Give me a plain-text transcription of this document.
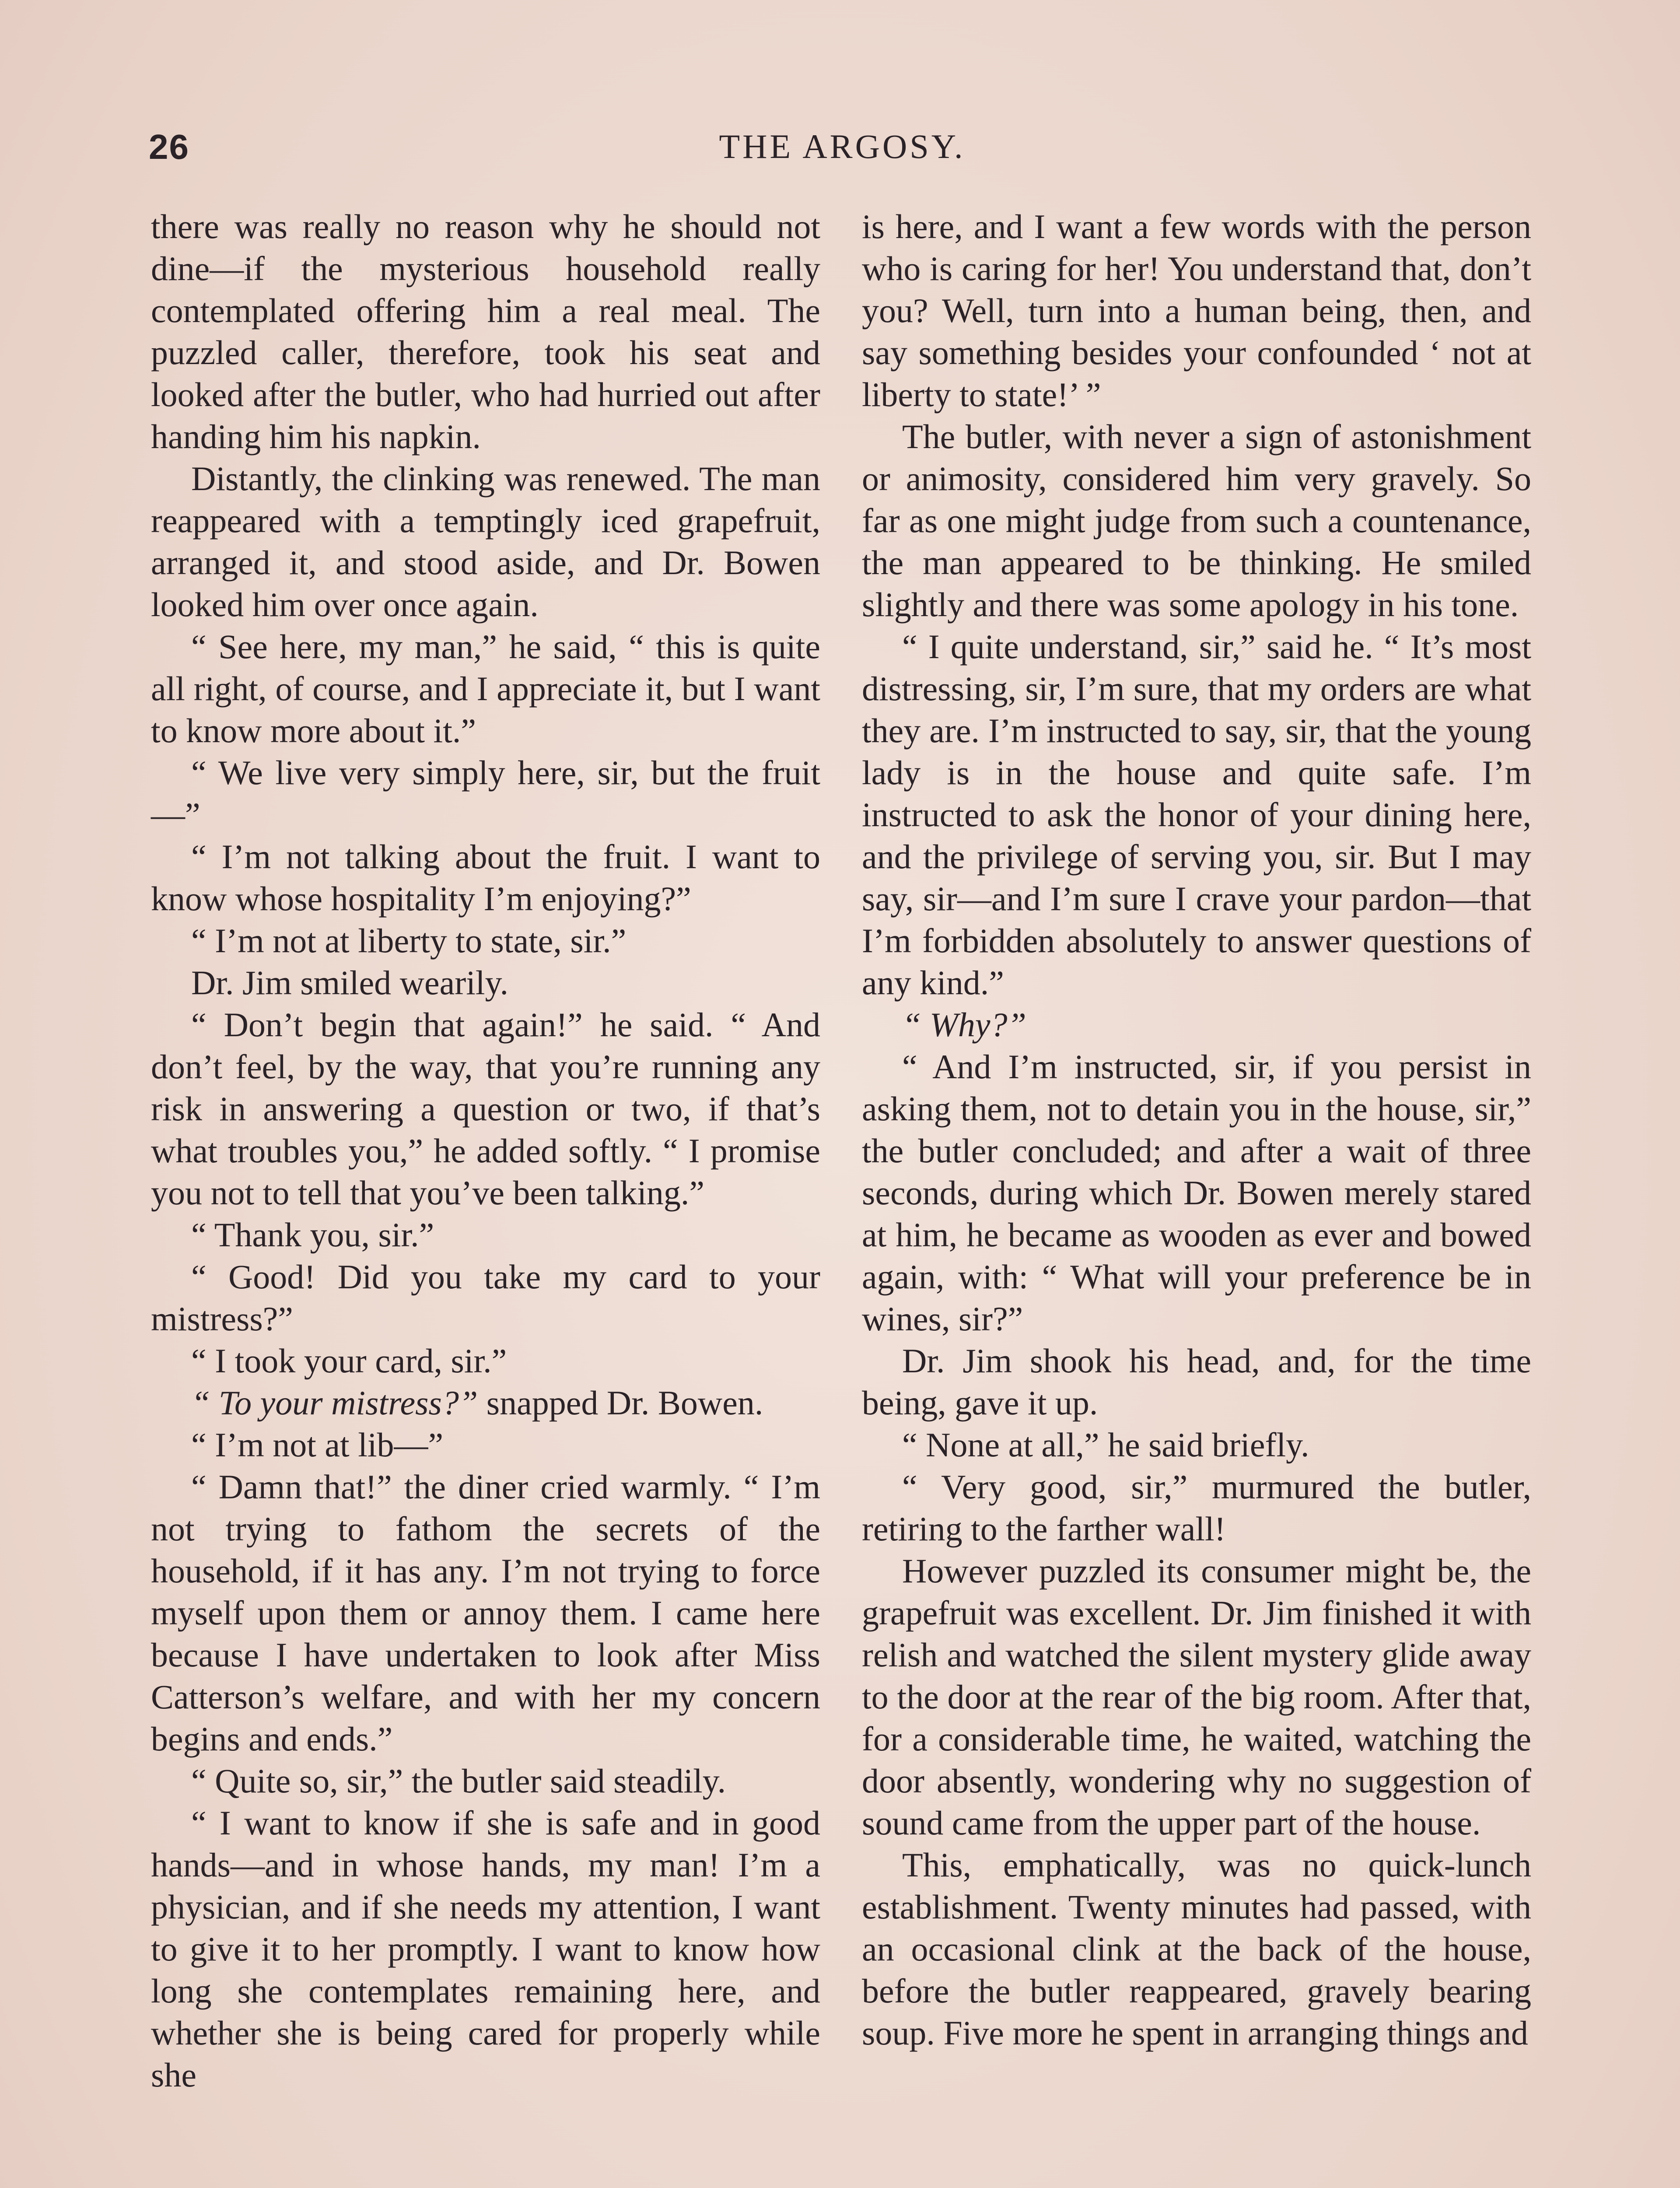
26	THE ARGOSY.

there was really no reason why he should not dine—if the mysterious household really contemplated offering him a real meal. The puzzled caller, therefore, took his seat and looked after the butler, who had hurried out after handing him his napkin.

Distantly, the clinking was renewed. The man reappeared with a temptingly iced grapefruit, arranged it, and stood aside, and Dr. Bowen looked him over once again.

“ See here, my man,” he said, “ this is quite all right, of course, and I appreciate it, but I want to know more about it.”

“ We live very simply here, sir, but the fruit—”

“ I’m not talking about the fruit. I want to know whose hospitality I’m enjoying?”

“ I’m not at liberty to state, sir.”

Dr. Jim smiled wearily.

“ Don’t begin that again!” he said. “ And don’t feel, by the way, that you’re running any risk in answering a question or two, if that’s what troubles you,” he added softly. “ I promise you not to tell that you’ve been talking.”

“ Thank you, sir.”

“ Good! Did you take my card to your mistress?”

“ I took your card, sir.”

“ To your mistress?” snapped Dr. Bowen.

“ I’m not at lib—”

“ Damn that!” the diner cried warmly. “ I’m not trying to fathom the secrets of the household, if it has any. I’m not trying to force myself upon them or annoy them. I came here because I have undertaken to look after Miss Catterson’s welfare, and with her my concern begins and ends.”

“ Quite so, sir,” the butler said steadily.

“ I want to know if she is safe and in good hands—and in whose hands, my man! I’m a physician, and if she needs my attention, I want to give it to her promptly. I want to know how long she contemplates remaining here, and whether she is being cared for properly while she

is here, and I want a few words with the person who is caring for her! You understand that, don’t you? Well, turn into a human being, then, and say something besides your confounded ‘ not at liberty to state!’ ”

The butler, with never a sign of astonishment or animosity, considered him very gravely. So far as one might judge from such a countenance, the man appeared to be thinking. He smiled slightly and there was some apology in his tone.

“ I quite understand, sir,” said he. “ It’s most distressing, sir, I’m sure, that my orders are what they are. I’m instructed to say, sir, that the young lady is in the house and quite safe. I’m instructed to ask the honor of your dining here, and the privilege of serving you, sir. But I may say, sir—and I’m sure I crave your pardon—that I’m forbidden absolutely to answer questions of any kind.”

“ Why?”

“ And I’m instructed, sir, if you persist in asking them, not to detain you in the house, sir,” the butler concluded; and after a wait of three seconds, during which Dr. Bowen merely stared at him, he became as wooden as ever and bowed again, with: “ What will your preference be in wines, sir?”

Dr. Jim shook his head, and, for the time being, gave it up.

“ None at all,” he said briefly.

“ Very good, sir,” murmured the butler, retiring to the farther wall!

However puzzled its consumer might be, the grapefruit was excellent. Dr. Jim finished it with relish and watched the silent mystery glide away to the door at the rear of the big room. After that, for a considerable time, he waited, watching the door absently, wondering why no suggestion of sound came from the upper part of the house.

This, emphatically, was no quick-lunch establishment. Twenty minutes had passed, with an occasional clink at the back of the house, before the butler reappeared, gravely bearing soup. Five more he spent in arranging things and
